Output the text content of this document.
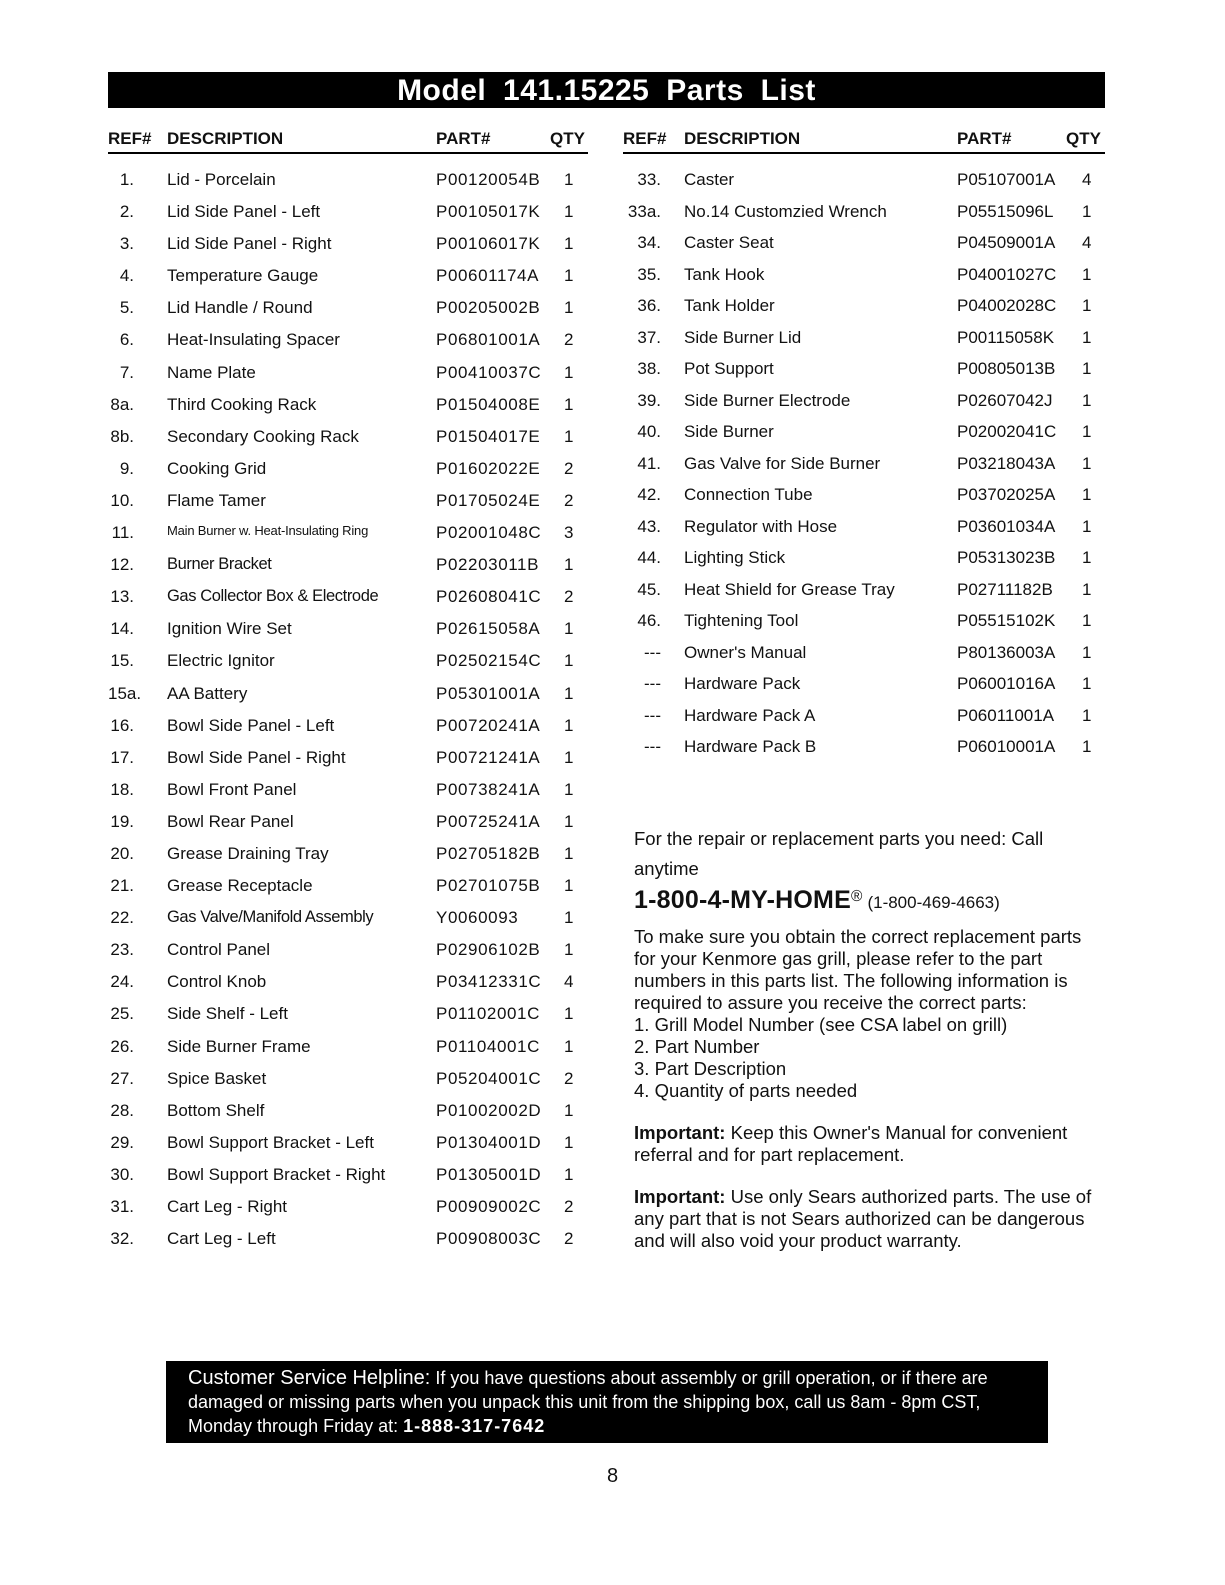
Model 141.15225 Parts List
REF# DESCRIPTION	PART#	QTY
1. Lid - Porcelain	P00120054B 1
2. Lid Side Panel - Left	P00105017K 1
3. Lid Side Panel - Right	P00106017K 1
4. Temperature Gauge	P00601174A 1
5. Lid Handle / Round	P00205002B 1
6. Heat-Insulating Spacer	P06801001A 2
7. Name Plate	P00410037C 1
8a. Third Cooking Rack	P01504008E 1
8b. Secondary Cooking Rack	P01504017E 1
9. Cooking Grid	P01602022E 2
10. Flame Tamer	P01705024E 2
11.	Main Burner w. Heat-Insulating Ring	P02001048C 3
12. Burner Bracket	P02203011B 1
13. Gas Collector Box & Electrode	P02608041C 2
14. Ignition Wire Set	P02615058A 1
15. Electric Ignitor	P02502154C 1
15a. AA Battery	P05301001A 1
16. Bowl Side Panel - Left	P00720241A 1
17. Bowl Side Panel - Right	P00721241A 1
18. Bowl Front Panel	P00738241A 1
19. Bowl Rear Panel	P00725241A 1
20. Grease Draining Tray	P02705182B 1
21. Grease Receptacle	P02701075B 1
22. Gas Valve/Manifold Assembly	Y0060093	1
23. Control Panel	P02906102B 1
24. Control Knob	P03412331C 4
25. Side Shelf - Left	P01102001C 1
26. Side Burner Frame	P01104001C 1
27. Spice Basket	P05204001C 2
28. Bottom Shelf	P01002002D 1
29. Bowl Support Bracket - Left	P01304001D 1
30. Bowl Support Bracket - Right	P01305001D 1
31. Cart Leg - Right	P00909002C 2
32. Cart Leg - Left	P00908003C 2
REF# DESCRIPTION	PART#	QTY
33. Caster	P05107001A 4
33a. No.14 Customzied Wrench	P05515096L 1
34. Caster Seat	P04509001A 4
35. Tank Hook	P04001027C 1
36. Tank Holder	P04002028C 1
37. Side Burner Lid	P00115058K 1
38. Pot Support	P00805013B 1
39. Side Burner Electrode	P02607042J 1
40. Side Burner	P02002041C 1
41. Gas Valve for Side Burner	P03218043A 1
42. Connection Tube	P03702025A 1
43. Regulator with Hose	P03601034A 1
44. Lighting Stick	P05313023B 1
45. Heat Shield for Grease Tray	P02711182B 1
46. Tightening Tool	P05515102K 1
--- Owner's Manual	P80136003A 1
--- Hardware Pack	P06001016A 1
--- Hardware Pack A	P06011001A 1
--- Hardware Pack B	P06010001A 1

For the repair or replacement parts you need: Call anytime

1-800-4-MY-HOME® (1-800-469-4663)

To make sure you obtain the correct replacement parts for your Kenmore gas grill, please refer to the part numbers in this parts list. The following information is required to assure you receive the correct parts:

1. Grill Model Number (see CSA label on grill)
2. Part Number
3. Part Description
4. Quantity of parts needed

Important: Keep this Owner's Manual for convenient referral and for part replacement.

Important: Use only Sears authorized parts. The use of any part that is not Sears authorized can be dangerous and will also void your product warranty.

Customer Service Helpline: If you have questions about assembly or grill operation, or if there are damaged or missing parts when you unpack this unit from the shipping box, call us 8am - 8pm CST, Monday through Friday at: 1-888-317-7642
8
